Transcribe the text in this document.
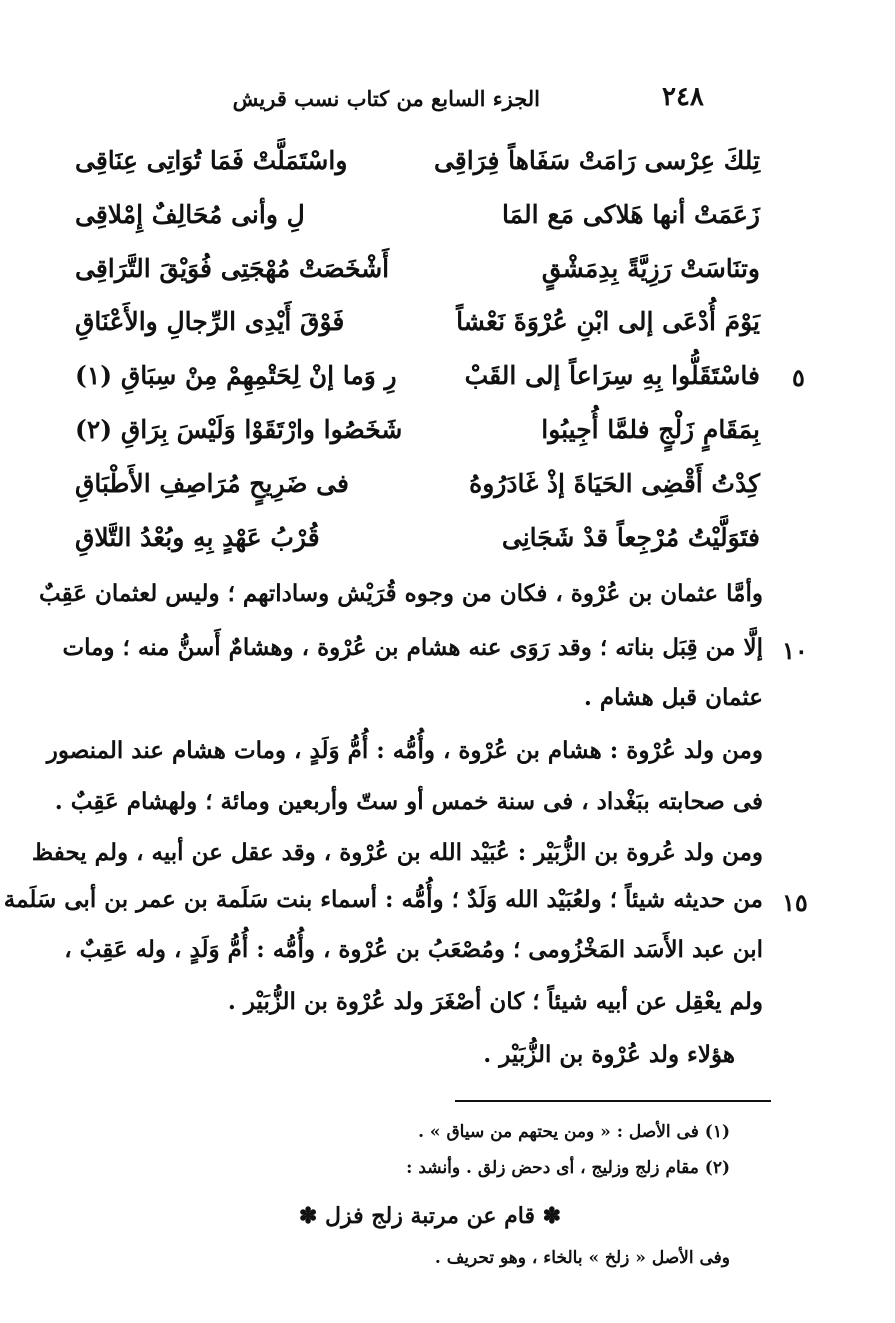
الجزء السابع من كتاب نسب قريش	٢٤٨
تِلكَ عِرْسى رَامَتْ سَفَاهاً فِرَاقِى
واسْتَمَلَّتْ فَمَا تُوَاتِى عِنَاقِى
زَعَمَتْ أنها هَلاكى مَع المَا
لِ وأنى مُحَالِفٌ إِمْلاقِى
وتنَاسَتْ رَزِيَّةً بِدِمَشْقٍ
أَشْخَصَتْ مُهْجَتِى فُوَيْقَ التَّرَاقِى
يَوْمَ أُدْعَى إلى ابْنِ عُرْوَةَ نَعْشاً
فَوْقَ أَيْدِى الرِّجالِ والأَعْنَاقِ
فاسْتَقَلُّوا بِهِ سِرَاعاً إلى القَبْ
رِ وَما إنْ لِحَتْمِهِمْ مِنْ سِبَاقِ (١)	٥
بِمَقَامٍ زَلْجٍ فلمَّا أُجِيبُوا
شَخَصُوا وارْتَقَوْا وَلَيْسَ بِرَاقِ (٢)
كِدْتُ أَقْضِى الحَيَاةَ إذْ غَادَرُوهُ
فى ضَرِيحٍ مُرَاصِفِ الأَطْبَاقِ
فتَوَلَّيْتُ مُرْجِعاً قدْ شَجَانِى
قُرْبُ عَهْدٍ بِهِ وبُعْدُ التَّلاقِ
وأمَّا عثمان بن عُرْوة ، فكان من وجوه قُرَيْش وساداتهم ؛ وليس لعثمان عَقِبٌ
إلَّا من قِبَل بناته ؛ وقد رَوَى عنه هشام بن عُرْوة ، وهشامٌ أَسنُّ منه ؛ ومات ١٠
عثمان قبل هشام .
ومن ولد عُرْوة : هشام بن عُرْوة ، وأُمُّه : أُمُّ وَلَدٍ ، ومات هشام عند المنصور
فى صحابته ببَغْداد ، فى سنة خمس أو ستّ وأربعين ومائة ؛ ولهشام عَقِبٌ .
ومن ولد عُروة بن الزُّبَيْر : عُبَيْد الله بن عُرْوة ، وقد عقل عن أبيه ، ولم يحفظ
من حديثه شيئاً ؛ ولعُبَيْد الله وَلَدٌ ؛ وأُمُّه : أسماء بنت سَلَمة بن عمر بن أبى سَلَمة ١٥
ابن عبد الأَسَد المَخْزُومى ؛ ومُصْعَبُ بن عُرْوة ، وأُمُّه : أُمُّ وَلَدٍ ، وله عَقِبٌ ،
ولم يعْقِل عن أبيه شيئاً ؛ كان أصْغَرَ ولد عُرْوة بن الزُّبَيْر .
هؤلاء ولد عُرْوة بن الزُّبَيْر .
(١) فى الأصل : « ومن يحتهم من سياق » .
(٢) مقام زلج وزليج ، أى دحض زلق . وأنشد :
✽ قام عن مرتبة زلج فزل ✽
وفى الأصل « زلخ » بالخاء ، وهو تحريف .
